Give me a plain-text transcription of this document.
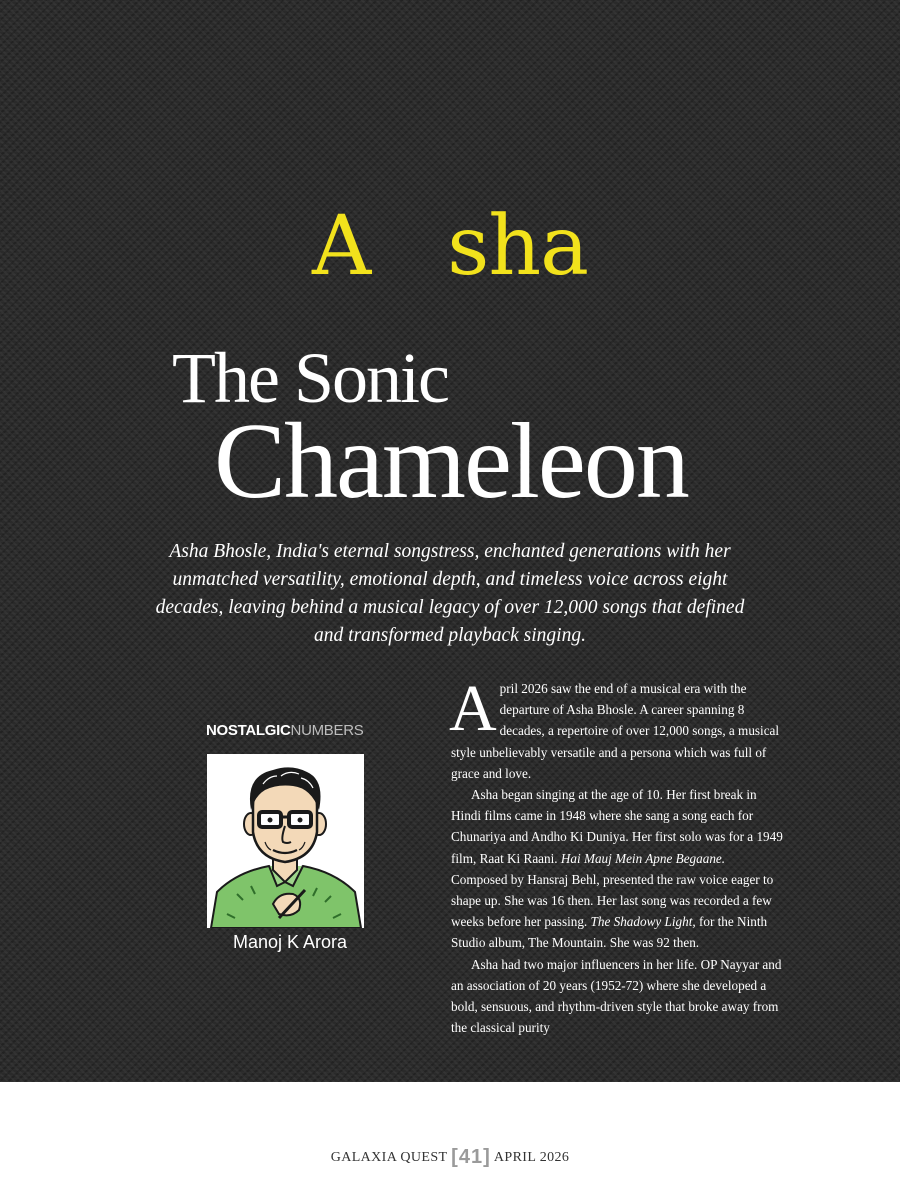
A sha
The Sonic
Chameleon
Asha Bhosle, India's eternal songstress, enchanted generations with her unmatched versatility, emotional depth, and timeless voice across eight decades, leaving behind a musical legacy of over 12,000 songs that defined and transformed playback singing.
NOSTALGICNUMBERS
Manoj K Arora

April 2026 saw the end of a musical era with the departure of Asha Bhosle. A career spanning 8 decades, a repertoire of over 12,000 songs, a musical style unbelievably versatile and a persona which was full of grace and love.

Asha began singing at the age of 10. Her first break in Hindi films came in 1948 where she sang a song each for Chunariya and Andho Ki Duniya. Her first solo was for a 1949 film, Raat Ki Raani. Hai Mauj Mein Apne Begaane. Composed by Hansraj Behl, presented the raw voice eager to shape up. She was 16 then. Her last song was recorded a few weeks before her passing. The Shadowy Light, for the Ninth Studio album, The Mountain. She was 92 then.

Asha had two major influencers in her life. OP Nayyar and an association of 20 years (1952-72) where she developed a bold, sensuous, and rhythm-driven style that broke away from the classical purity

GALAXIA QUEST [41] APRIL 2026
